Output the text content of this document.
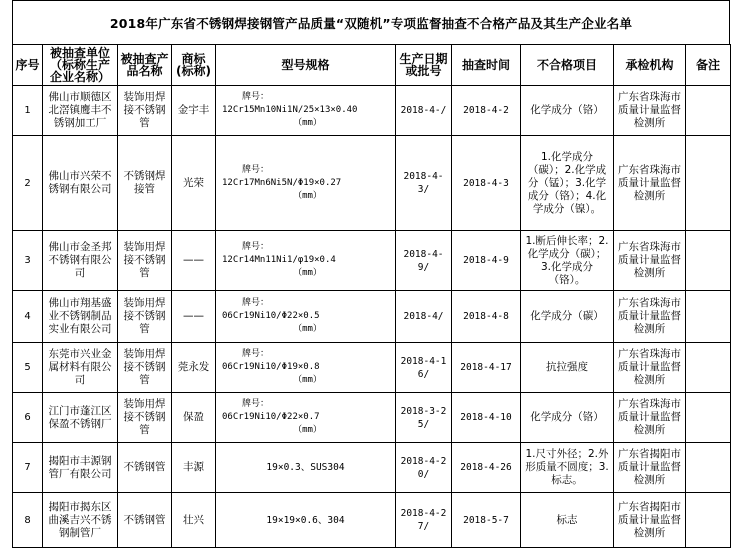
2018年广东省不锈钢焊接钢管产品质量“双随机”专项监督抽查不合格产品及其生产企业名单
序号	被抽查单位（标称生产企业名称）	被抽查产品名称	商标(标称)	型号规格	生产日期或批号	抽查时间	不合格项目	承检机构	备注
1	佛山市顺德区北滘镇鹰丰不锈钢加工厂	装饰用焊接不锈钢管	金宇丰	牌号：
12Cr15Mn10Ni1N/25×13×0.40
（mm）	2018-4-/	2018-4-2	化学成分（铬）	广东省珠海市质量计量监督检测所	
2	佛山市兴荣不锈钢有限公司	不锈钢焊接管	光荣	牌号：
12Cr17Mn6Ni5N/Φ19×0.27
（mm）	2018-4-3/	2018-4-3	1.化学成分（碳）；2.化学成分（锰）；3.化学成分（铬）；4.化学成分（镍）。	广东省珠海市质量计量监督检测所	
3	佛山市金圣邦不锈钢有限公司	装饰用焊接不锈钢管	——	牌号：
12Cr14Mn11Ni1/φ19×0.4
（mm）	2018-4-9/	2018-4-9	1.断后伸长率；2.化学成分（碳）；3.化学成分（铬）。	广东省珠海市质量计量监督检测所	
4	佛山市翔基盛业不锈钢制品实业有限公司	装饰用焊接不锈钢管	——	牌号：
06Cr19Ni10/Φ22×0.5
（mm）	2018-4/	2018-4-8	化学成分（碳）	广东省珠海市质量计量监督检测所	
5	东莞市兴业金属材料有限公司	装饰用焊接不锈钢管	莞永发	牌号：
06Cr19Ni10/Φ19×0.8
（mm）	2018-4-16/	2018-4-17	抗拉强度	广东省珠海市质量计量监督检测所	
6	江门市蓬江区保盈不锈钢厂	装饰用焊接不锈钢管	保盈	牌号：
06Cr19Ni10/Φ22×0.7
（mm）	2018-3-25/	2018-4-10	化学成分（铬）	广东省珠海市质量计量监督检测所	
7	揭阳市丰源钢管厂有限公司	不锈钢管	丰源	19×0.3、SUS304	2018-4-20/	2018-4-26	1.尺寸外径；2.外形质量不圆度；3.标志。	广东省揭阳市质量计量监督检测所	
8	揭阳市揭东区曲溪吉兴不锈钢制管厂	不锈钢管	壮兴	19×19×0.6、304	2018-4-27/	2018-5-7	标志	广东省揭阳市质量计量监督检测所	
